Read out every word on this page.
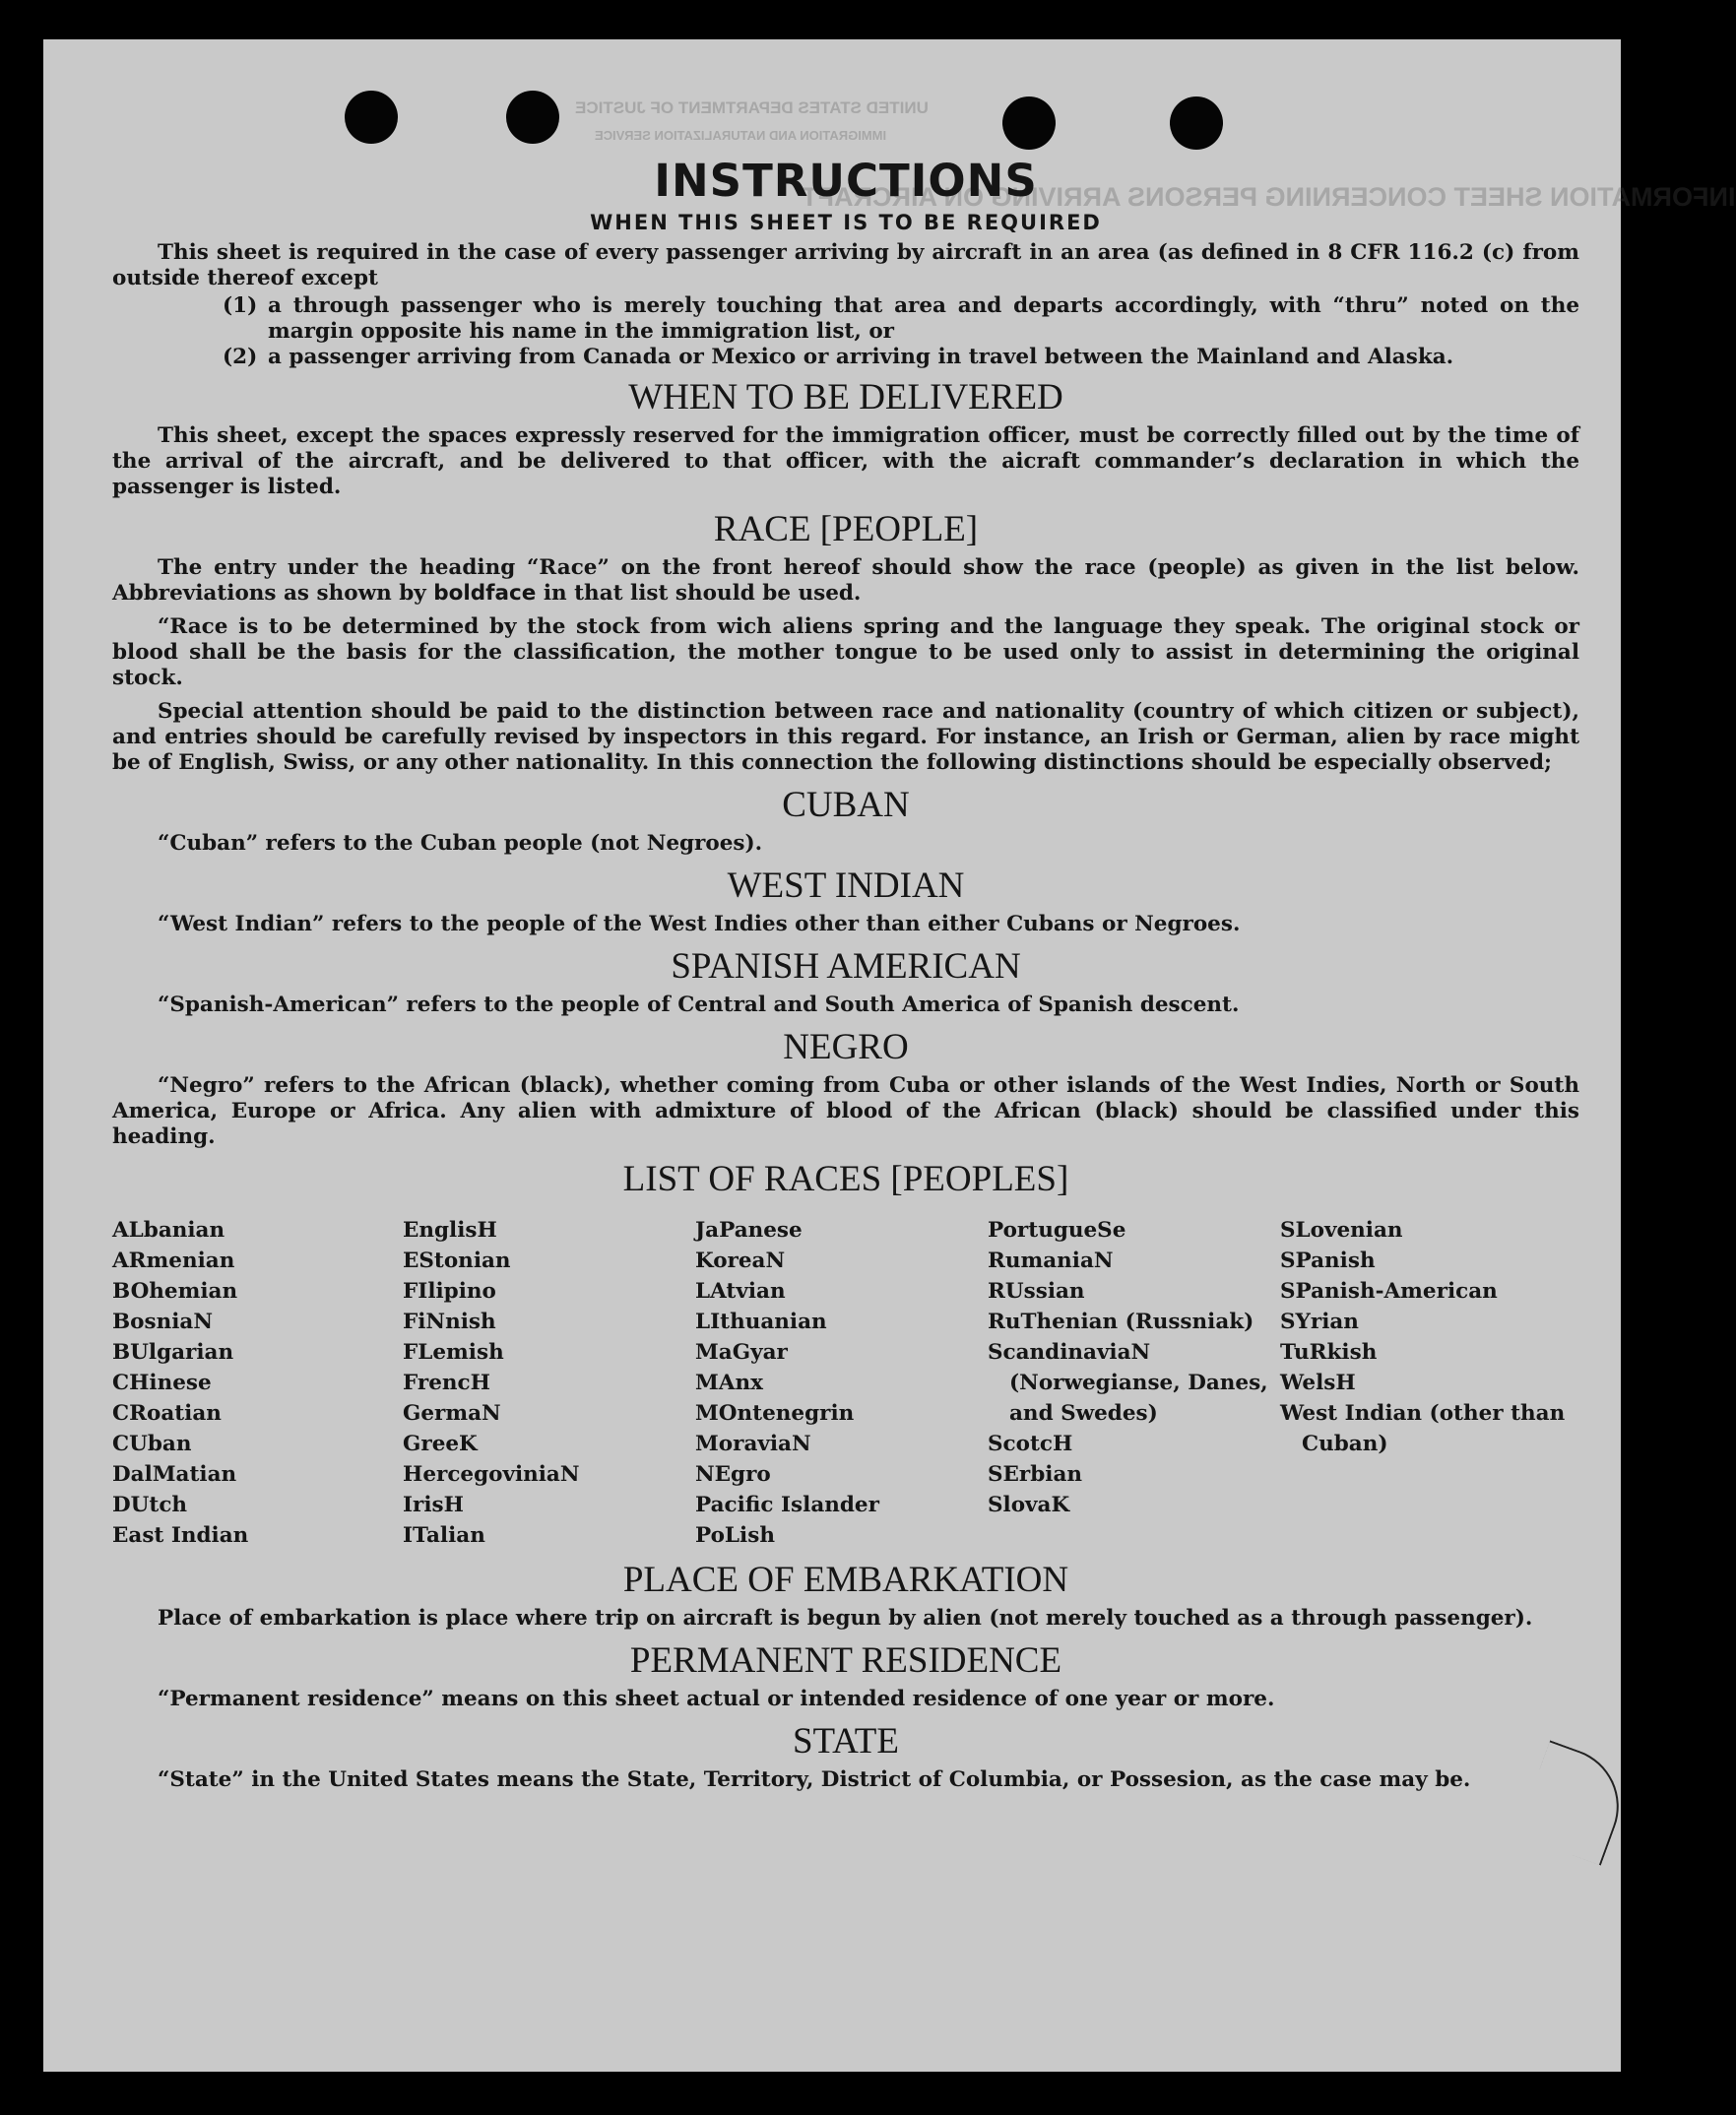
UNITED STATES DEPARTMENT OF JUSTICE
IMMIGRATION AND NATURALIZATION SERVICE
INFORMATION SHEET CONCERNING PERSONS ARRIVING ON AIRCRAFT
INSTRUCTIONS
WHEN THIS SHEET IS TO BE REQUIRED

This sheet is required in the case of every passenger arriving by aircraft in an area (as defined in 8 CFR 116.2 (c) from outside thereof except

(1) a through passenger who is merely touching that area and departs accordingly, with “thru” noted on the margin opposite his name in the immigration list, or
(2) a passenger arriving from Canada or Mexico or arriving in travel between the Mainland and Alaska.
WHEN TO BE DELIVERED

This sheet, except the spaces expressly reserved for the immigration officer, must be correctly filled out by the time of the arrival of the aircraft, and be delivered to that officer, with the aicraft commander’s declaration in which the passenger is listed.

RACE [PEOPLE]

The entry under the heading “Race” on the front hereof should show the race (people) as given in the list below. Abbreviations as shown by boldface in that list should be used.

“Race is to be determined by the stock from wich aliens spring and the language they speak. The original stock or blood shall be the basis for the classification, the mother tongue to be used only to assist in determining the original stock.

Special attention should be paid to the distinction between race and nationality (country of which citizen or subject), and entries should be carefully revised by inspectors in this regard. For instance, an Irish or German, alien by race might be of English, Swiss, or any other nationality. In this connection the following distinctions should be especially observed;

CUBAN

“Cuban” refers to the Cuban people (not Negroes).

WEST INDIAN

“West Indian” refers to the people of the West Indies other than either Cubans or Negroes.

SPANISH AMERICAN

“Spanish-American” refers to the people of Central and South America of Spanish descent.

NEGRO

“Negro” refers to the African (black), whether coming from Cuba or other islands of the West Indies, North or South America, Europe or Africa. Any alien with admixture of blood of the African (black) should be classified under this heading.

LIST OF RACES [PEOPLES]
ALbanian
ARmenian
BOhemian
BosniaN
BUlgarian
CHinese
CRoatian
CUban
DalMatian
DUtch
East Indian
EnglisH
EStonian
FIlipino
FiNnish
FLemish
FrencH
GermaN
GreeK
HercegoviniaN
IrisH
ITalian
JaPanese
KoreaN
LAtvian
LIthuanian
MaGyar
MAnx
MOntenegrin
MoraviaN
NEgro
Pacific Islander
PoLish
PortugueSe
RumaniaN
RUssian
RuThenian (Russniak)
ScandinaviaN (Norwegianse, Danes, and Swedes)
ScotcH
SErbian
SlovaK
SLovenian
SPanish
SPanish-American
SYrian
TuRkish
WelsH
West Indian (other than Cuban)
PLACE OF EMBARKATION

Place of embarkation is place where trip on aircraft is begun by alien (not merely touched as a through passenger).

PERMANENT RESIDENCE

“Permanent residence” means on this sheet actual or intended residence of one year or more.

STATE

“State” in the United States means the State, Territory, District of Columbia, or Possesion, as the case may be.
